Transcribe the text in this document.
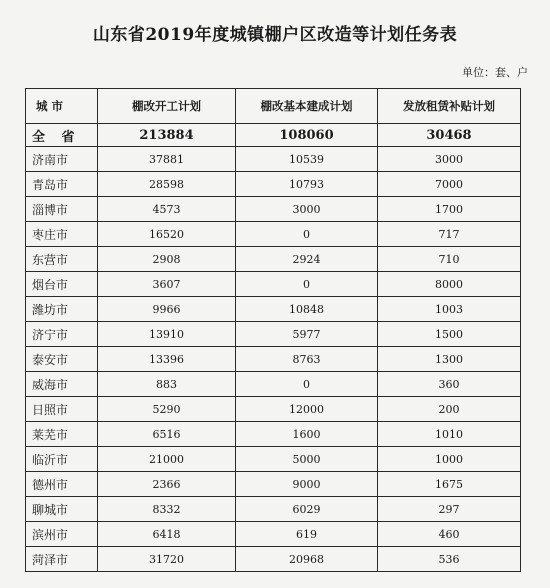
山东省2019年度城镇棚户区改造等计划任务表
单位：套、户
城 市	棚改开工计划	棚改基本建成计划	发放租赁补贴计划
全 省	213884	108060	30468
济南市	37881	10539	3000
青岛市	28598	10793	7000
淄博市	4573	3000	1700
枣庄市	16520	0	717
东营市	2908	2924	710
烟台市	3607	0	8000
潍坊市	9966	10848	1003
济宁市	13910	5977	1500
泰安市	13396	8763	1300
威海市	883	0	360
日照市	5290	12000	200
莱芜市	6516	1600	1010
临沂市	21000	5000	1000
德州市	2366	9000	1675
聊城市	8332	6029	297
滨州市	6418	619	460
菏泽市	31720	20968	536
